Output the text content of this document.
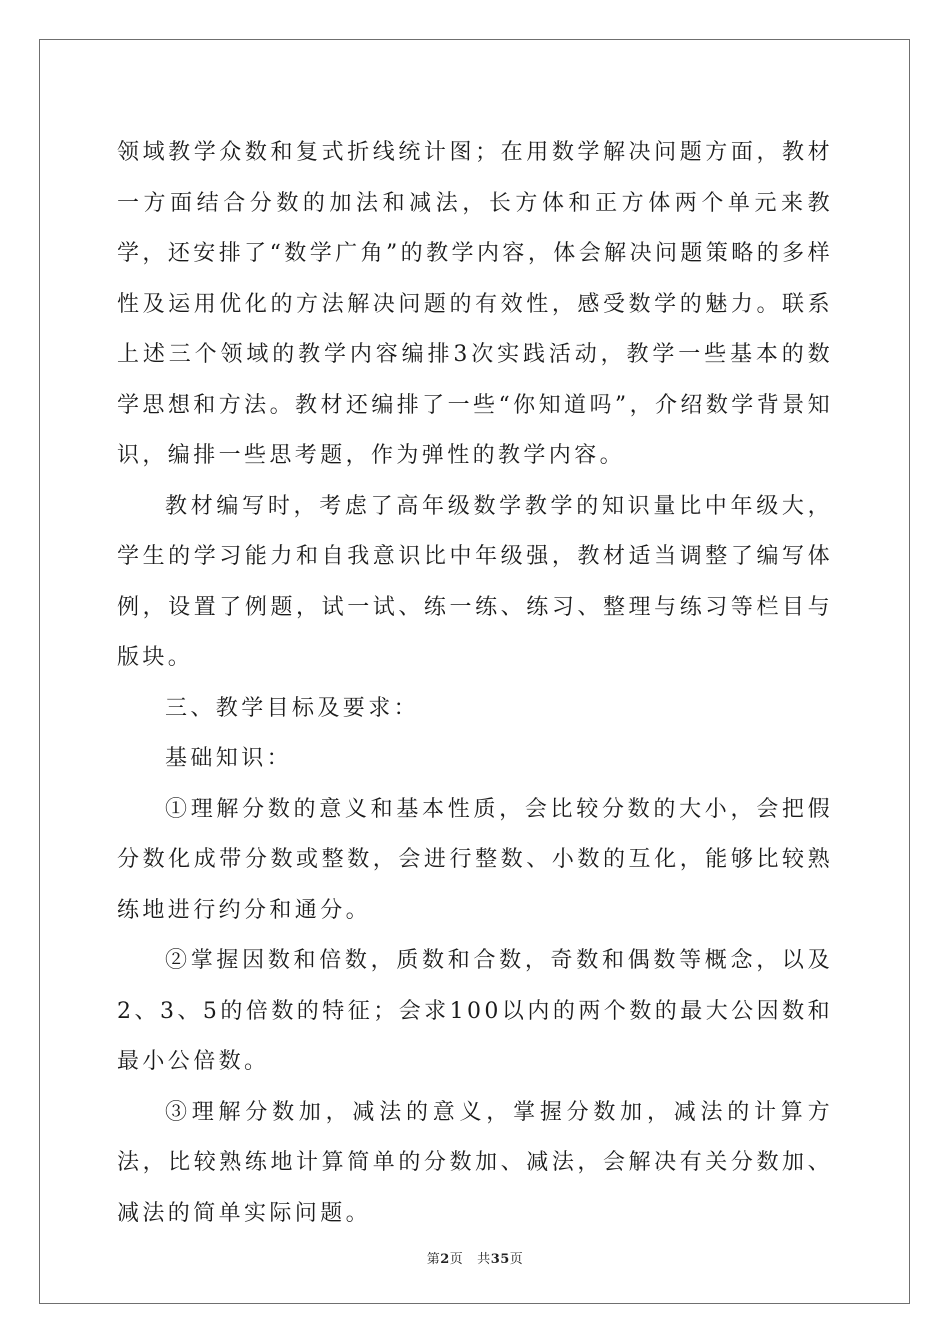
领域教学众数和复式折线统计图；在用数学解决问题方面，教材一方面结合分数的加法和减法，长方体和正方体两个单元来教学，还安排了“数学广角”的教学内容，体会解决问题策略的多样性及运用优化的方法解决问题的有效性，感受数学的魅力。联系上述三个领域的教学内容编排3次实践活动，教学一些基本的数学思想和方法。教材还编排了一些“你知道吗”，介绍数学背景知识，编排一些思考题，作为弹性的教学内容。

教材编写时，考虑了高年级数学教学的知识量比中年级大，学生的学习能力和自我意识比中年级强，教材适当调整了编写体例，设置了例题，试一试、练一练、练习、整理与练习等栏目与版块。

三、教学目标及要求：

基础知识：

①理解分数的意义和基本性质，会比较分数的大小，会把假分数化成带分数或整数，会进行整数、小数的互化，能够比较熟练地进行约分和通分。

②掌握因数和倍数，质数和合数，奇数和偶数等概念，以及2、3、5的倍数的特征；会求100以内的两个数的最大公因数和最小公倍数。

③理解分数加，减法的意义，掌握分数加，减法的计算方法，比较熟练地计算简单的分数加、减法，会解决有关分数加、减法的简单实际问题。

第2页 共35页
